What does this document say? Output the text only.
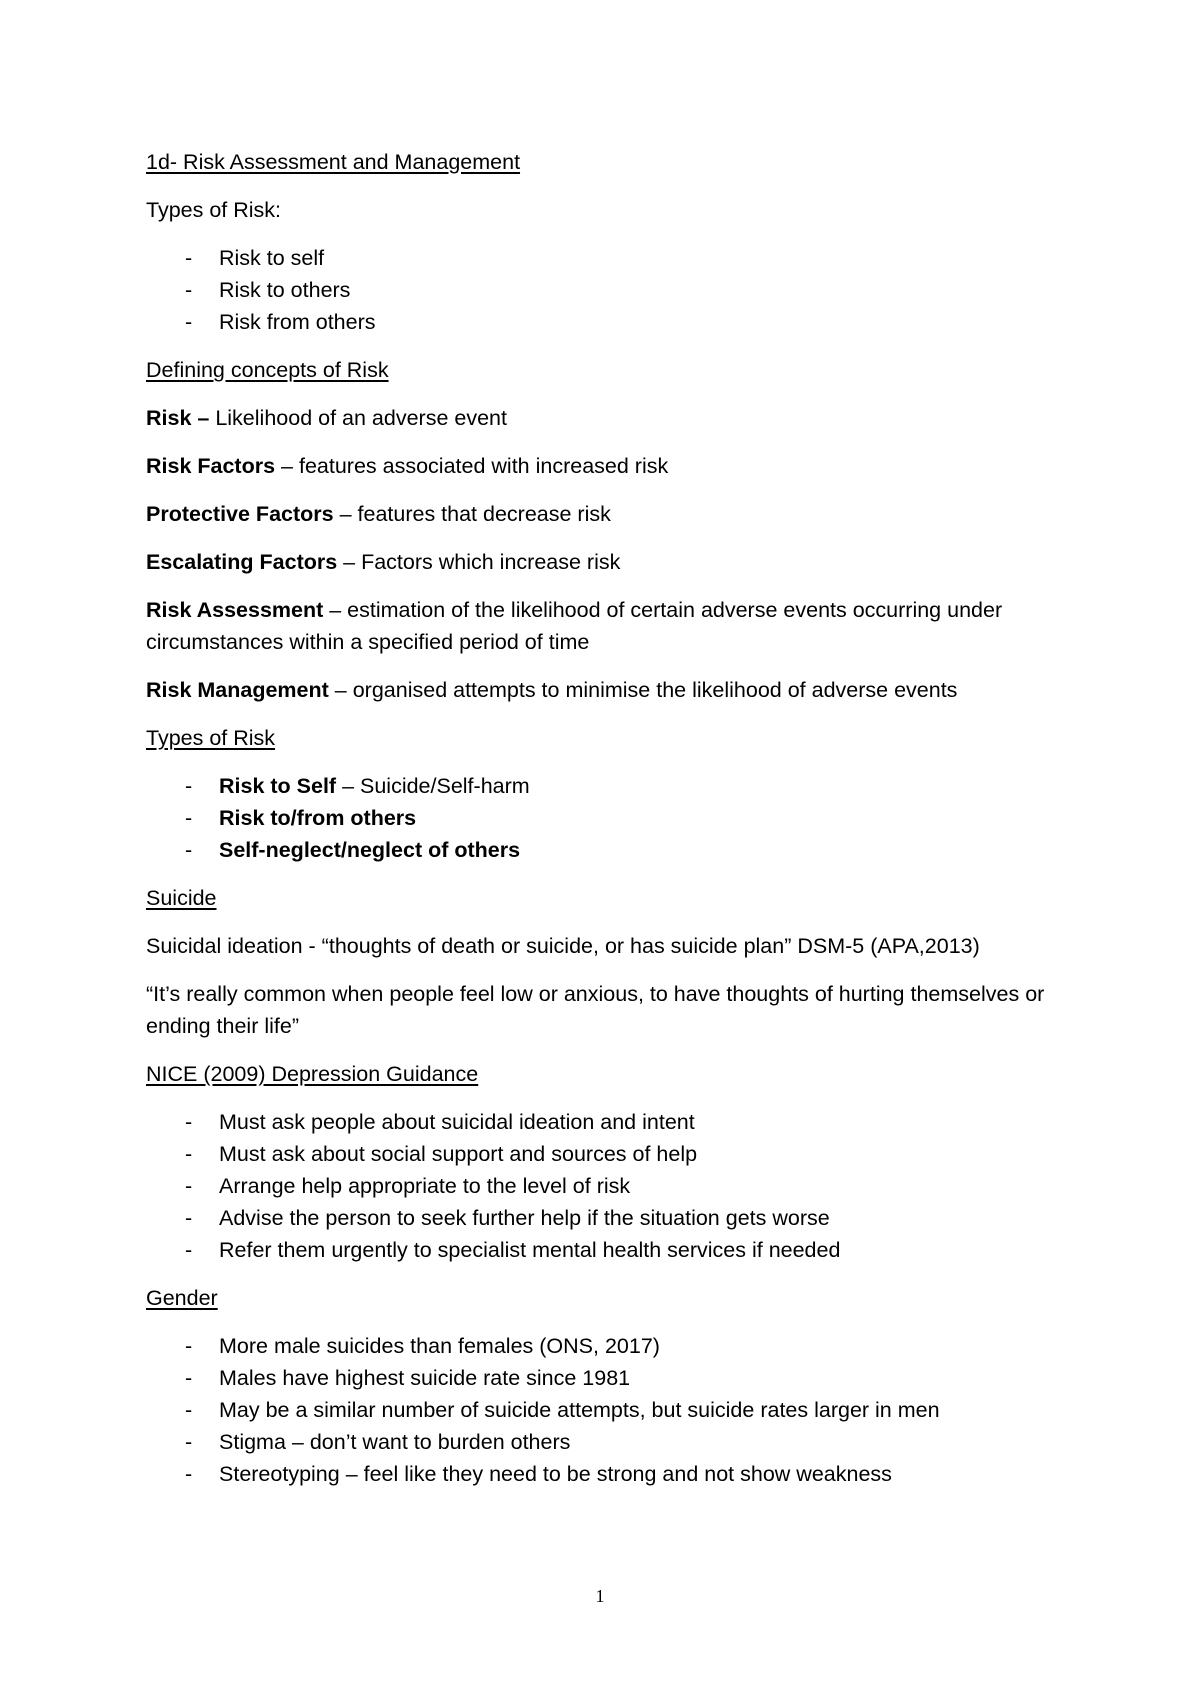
1d- Risk Assessment and Management
Types of Risk:
- Risk to self
- Risk to others
- Risk from others
Defining concepts of Risk
Risk – Likelihood of an adverse event
Risk Factors – features associated with increased risk
Protective Factors – features that decrease risk
Escalating Factors – Factors which increase risk
Risk Assessment – estimation of the likelihood of certain adverse events occurring under circumstances within a specified period of time
Risk Management – organised attempts to minimise the likelihood of adverse events
Types of Risk
- Risk to Self – Suicide/Self-harm
- Risk to/from others
- Self-neglect/neglect of others
Suicide
Suicidal ideation - “thoughts of death or suicide, or has suicide plan” DSM-5 (APA,2013)
“It’s really common when people feel low or anxious, to have thoughts of hurting themselves or ending their life”
NICE (2009) Depression Guidance
- Must ask people about suicidal ideation and intent
- Must ask about social support and sources of help
- Arrange help appropriate to the level of risk
- Advise the person to seek further help if the situation gets worse
- Refer them urgently to specialist mental health services if needed
Gender
- More male suicides than females (ONS, 2017)
- Males have highest suicide rate since 1981
- May be a similar number of suicide attempts, but suicide rates larger in men
- Stigma – don’t want to burden others
- Stereotyping – feel like they need to be strong and not show weakness
1
